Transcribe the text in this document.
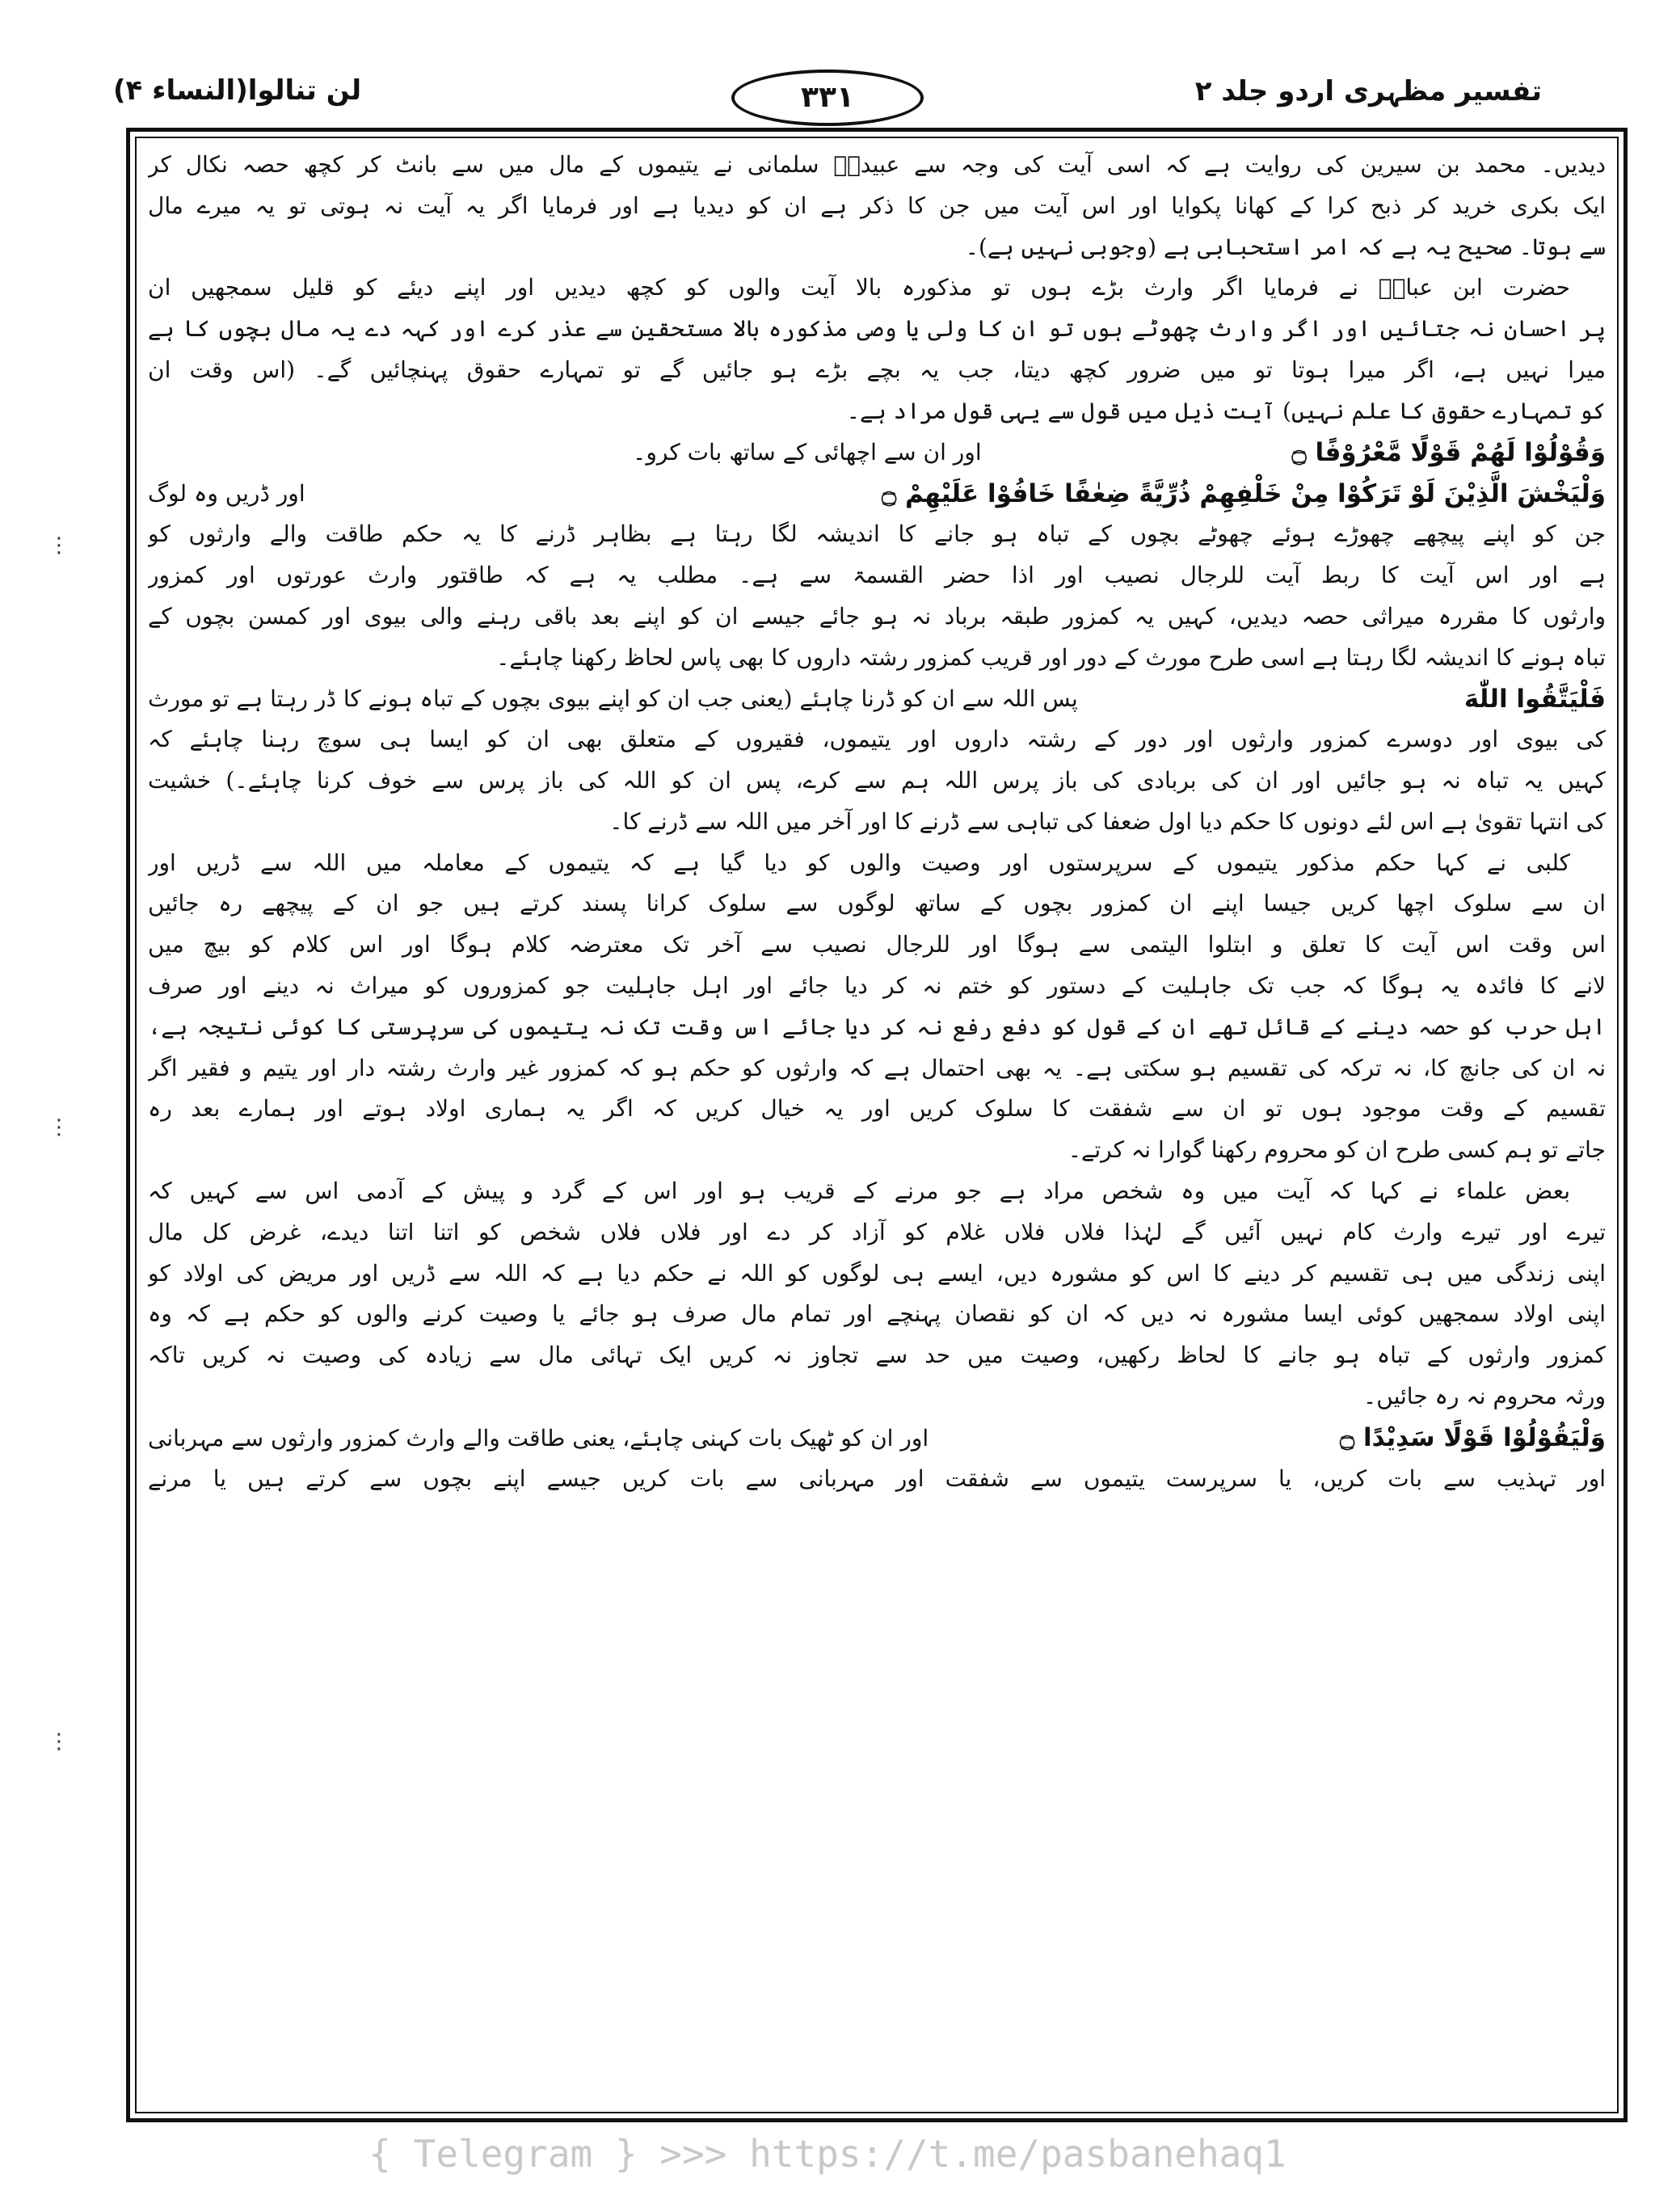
لن تنالوا(النساء ۴)	۳۳۱	تفسیر مظہری اردو جلد ۲
دیدیں۔ محمد بن سیرین کی روایت ہے کہ اسی آیت کی وجہ سے عبیدہؓ سلمانی نے یتیموں کے مال میں سے بانٹ کر کچھ حصہ نکال کر
ایک بکری خرید کر ذبح کرا کے کھانا پکوایا اور اس آیت میں جن کا ذکر ہے ان کو دیدیا ہے اور فرمایا اگر یہ آیت نہ ہوتی تو یہ میرے مال
سے ہوتا۔ صحیح یہ ہے کہ امر استحبابی ہے (وجوبی نہیں ہے)۔
حضرت ابن عباسؓ نے فرمایا اگر وارث بڑے ہوں تو مذکورہ بالا آیت والوں کو کچھ دیدیں اور اپنے دیئے کو قلیل سمجھیں ان
پر احسان نہ جتائیں اور اگر وارث چھوٹے ہوں تو ان کا ولی یا وصی مذکورہ بالا مستحقین سے عذر کرے اور کہہ دے یہ مال بچوں کا ہے
میرا نہیں ہے، اگر میرا ہوتا تو میں ضرور کچھ دیتا، جب یہ بچے بڑے ہو جائیں گے تو تمہارے حقوق پہنچائیں گے۔ (اس وقت ان
کو تمہارے حقوق کا علم نہیں) آیت ذیل میں قول سے یہی قول مراد ہے۔
وَقُوْلُوْا لَهُمْ قَوْلًا مَّعْرُوْفًا ۝
اور ان سے اچھائی کے ساتھ بات کرو۔
وَلْيَخْشَ الَّذِيْنَ لَوْ تَرَكُوْا مِنْ خَلْفِهِمْ ذُرِّيَّةً ضِعٰفًا خَافُوْا عَلَيْهِمْ ۝
اور ڈریں وہ لوگ
جن کو اپنے پیچھے چھوڑے ہوئے چھوٹے بچوں کے تباہ ہو جانے کا اندیشہ لگا رہتا ہے بظاہر ڈرنے کا یہ حکم طاقت والے وارثوں کو
ہے اور اس آیت کا ربط آیت للرجال نصیب اور اذا حضر القسمۃ سے ہے۔ مطلب یہ ہے کہ طاقتور وارث عورتوں اور کمزور
وارثوں کا مقررہ میراثی حصہ دیدیں، کہیں یہ کمزور طبقہ برباد نہ ہو جائے جیسے ان کو اپنے بعد باقی رہنے والی بیوی اور کمسن بچوں کے
تباہ ہونے کا اندیشہ لگا رہتا ہے اسی طرح مورث کے دور اور قریب کمزور رشتہ داروں کا بھی پاس لحاظ رکھنا چاہئے۔
فَلْيَتَّقُوا اللّٰهَ
پس اللہ سے ان کو ڈرنا چاہئے (یعنی جب ان کو اپنے بیوی بچوں کے تباہ ہونے کا ڈر رہتا ہے تو مورث
کی بیوی اور دوسرے کمزور وارثوں اور دور کے رشتہ داروں اور یتیموں، فقیروں کے متعلق بھی ان کو ایسا ہی سوچ رہنا چاہئے کہ
کہیں یہ تباہ نہ ہو جائیں اور ان کی بربادی کی باز پرس اللہ ہم سے کرے، پس ان کو اللہ کی باز پرس سے خوف کرنا چاہئے۔) خشیت
کی انتہا تقویٰ ہے اس لئے دونوں کا حکم دیا اول ضعفا کی تباہی سے ڈرنے کا اور آخر میں اللہ سے ڈرنے کا۔
کلبی نے کہا حکم مذکور یتیموں کے سرپرستوں اور وصیت والوں کو دیا گیا ہے کہ یتیموں کے معاملہ میں اللہ سے ڈریں اور
ان سے سلوک اچھا کریں جیسا اپنے ان کمزور بچوں کے ساتھ لوگوں سے سلوک کرانا پسند کرتے ہیں جو ان کے پیچھے رہ جائیں
اس وقت اس آیت کا تعلق و ابتلوا الیتمی سے ہوگا اور للرجال نصیب سے آخر تک معترضہ کلام ہوگا اور اس کلام کو بیچ میں
لانے کا فائدہ یہ ہوگا کہ جب تک جاہلیت کے دستور کو ختم نہ کر دیا جائے اور اہل جاہلیت جو کمزوروں کو میراث نہ دینے اور صرف
اہل حرب کو حصہ دینے کے قائل تھے ان کے قول کو دفع رفع نہ کر دیا جائے اس وقت تک نہ یتیموں کی سرپرستی کا کوئی نتیجہ ہے،
نہ ان کی جانچ کا، نہ ترکہ کی تقسیم ہو سکتی ہے۔ یہ بھی احتمال ہے کہ وارثوں کو حکم ہو کہ کمزور غیر وارث رشتہ دار اور یتیم و فقیر اگر
تقسیم کے وقت موجود ہوں تو ان سے شفقت کا سلوک کریں اور یہ خیال کریں کہ اگر یہ ہماری اولاد ہوتے اور ہمارے بعد رہ
جاتے تو ہم کسی طرح ان کو محروم رکھنا گوارا نہ کرتے۔
بعض علماء نے کہا کہ آیت میں وہ شخص مراد ہے جو مرنے کے قریب ہو اور اس کے گرد و پیش کے آدمی اس سے کہیں کہ
تیرے اور تیرے وارث کام نہیں آئیں گے لہٰذا فلاں فلاں غلام کو آزاد کر دے اور فلاں فلاں شخص کو اتنا اتنا دیدے، غرض کل مال
اپنی زندگی میں ہی تقسیم کر دینے کا اس کو مشورہ دیں، ایسے ہی لوگوں کو اللہ نے حکم دیا ہے کہ اللہ سے ڈریں اور مریض کی اولاد کو
اپنی اولاد سمجھیں کوئی ایسا مشورہ نہ دیں کہ ان کو نقصان پہنچے اور تمام مال صرف ہو جائے یا وصیت کرنے والوں کو حکم ہے کہ وہ
کمزور وارثوں کے تباہ ہو جانے کا لحاظ رکھیں، وصیت میں حد سے تجاوز نہ کریں ایک تہائی مال سے زیادہ کی وصیت نہ کریں تاکہ
ورثہ محروم نہ رہ جائیں۔
وَلْيَقُوْلُوْا قَوْلًا سَدِيْدًا ۝
اور ان کو ٹھیک بات کہنی چاہئے، یعنی طاقت والے وارث کمزور وارثوں سے مہربانی
اور تہذیب سے بات کریں، یا سرپرست یتیموں سے شفقت اور مہربانی سے بات کریں جیسے اپنے بچوں سے کرتے ہیں یا مرنے
⋮
⋮
⋮
{ Telegram } >>> https://t.me/pasbanehaq1
